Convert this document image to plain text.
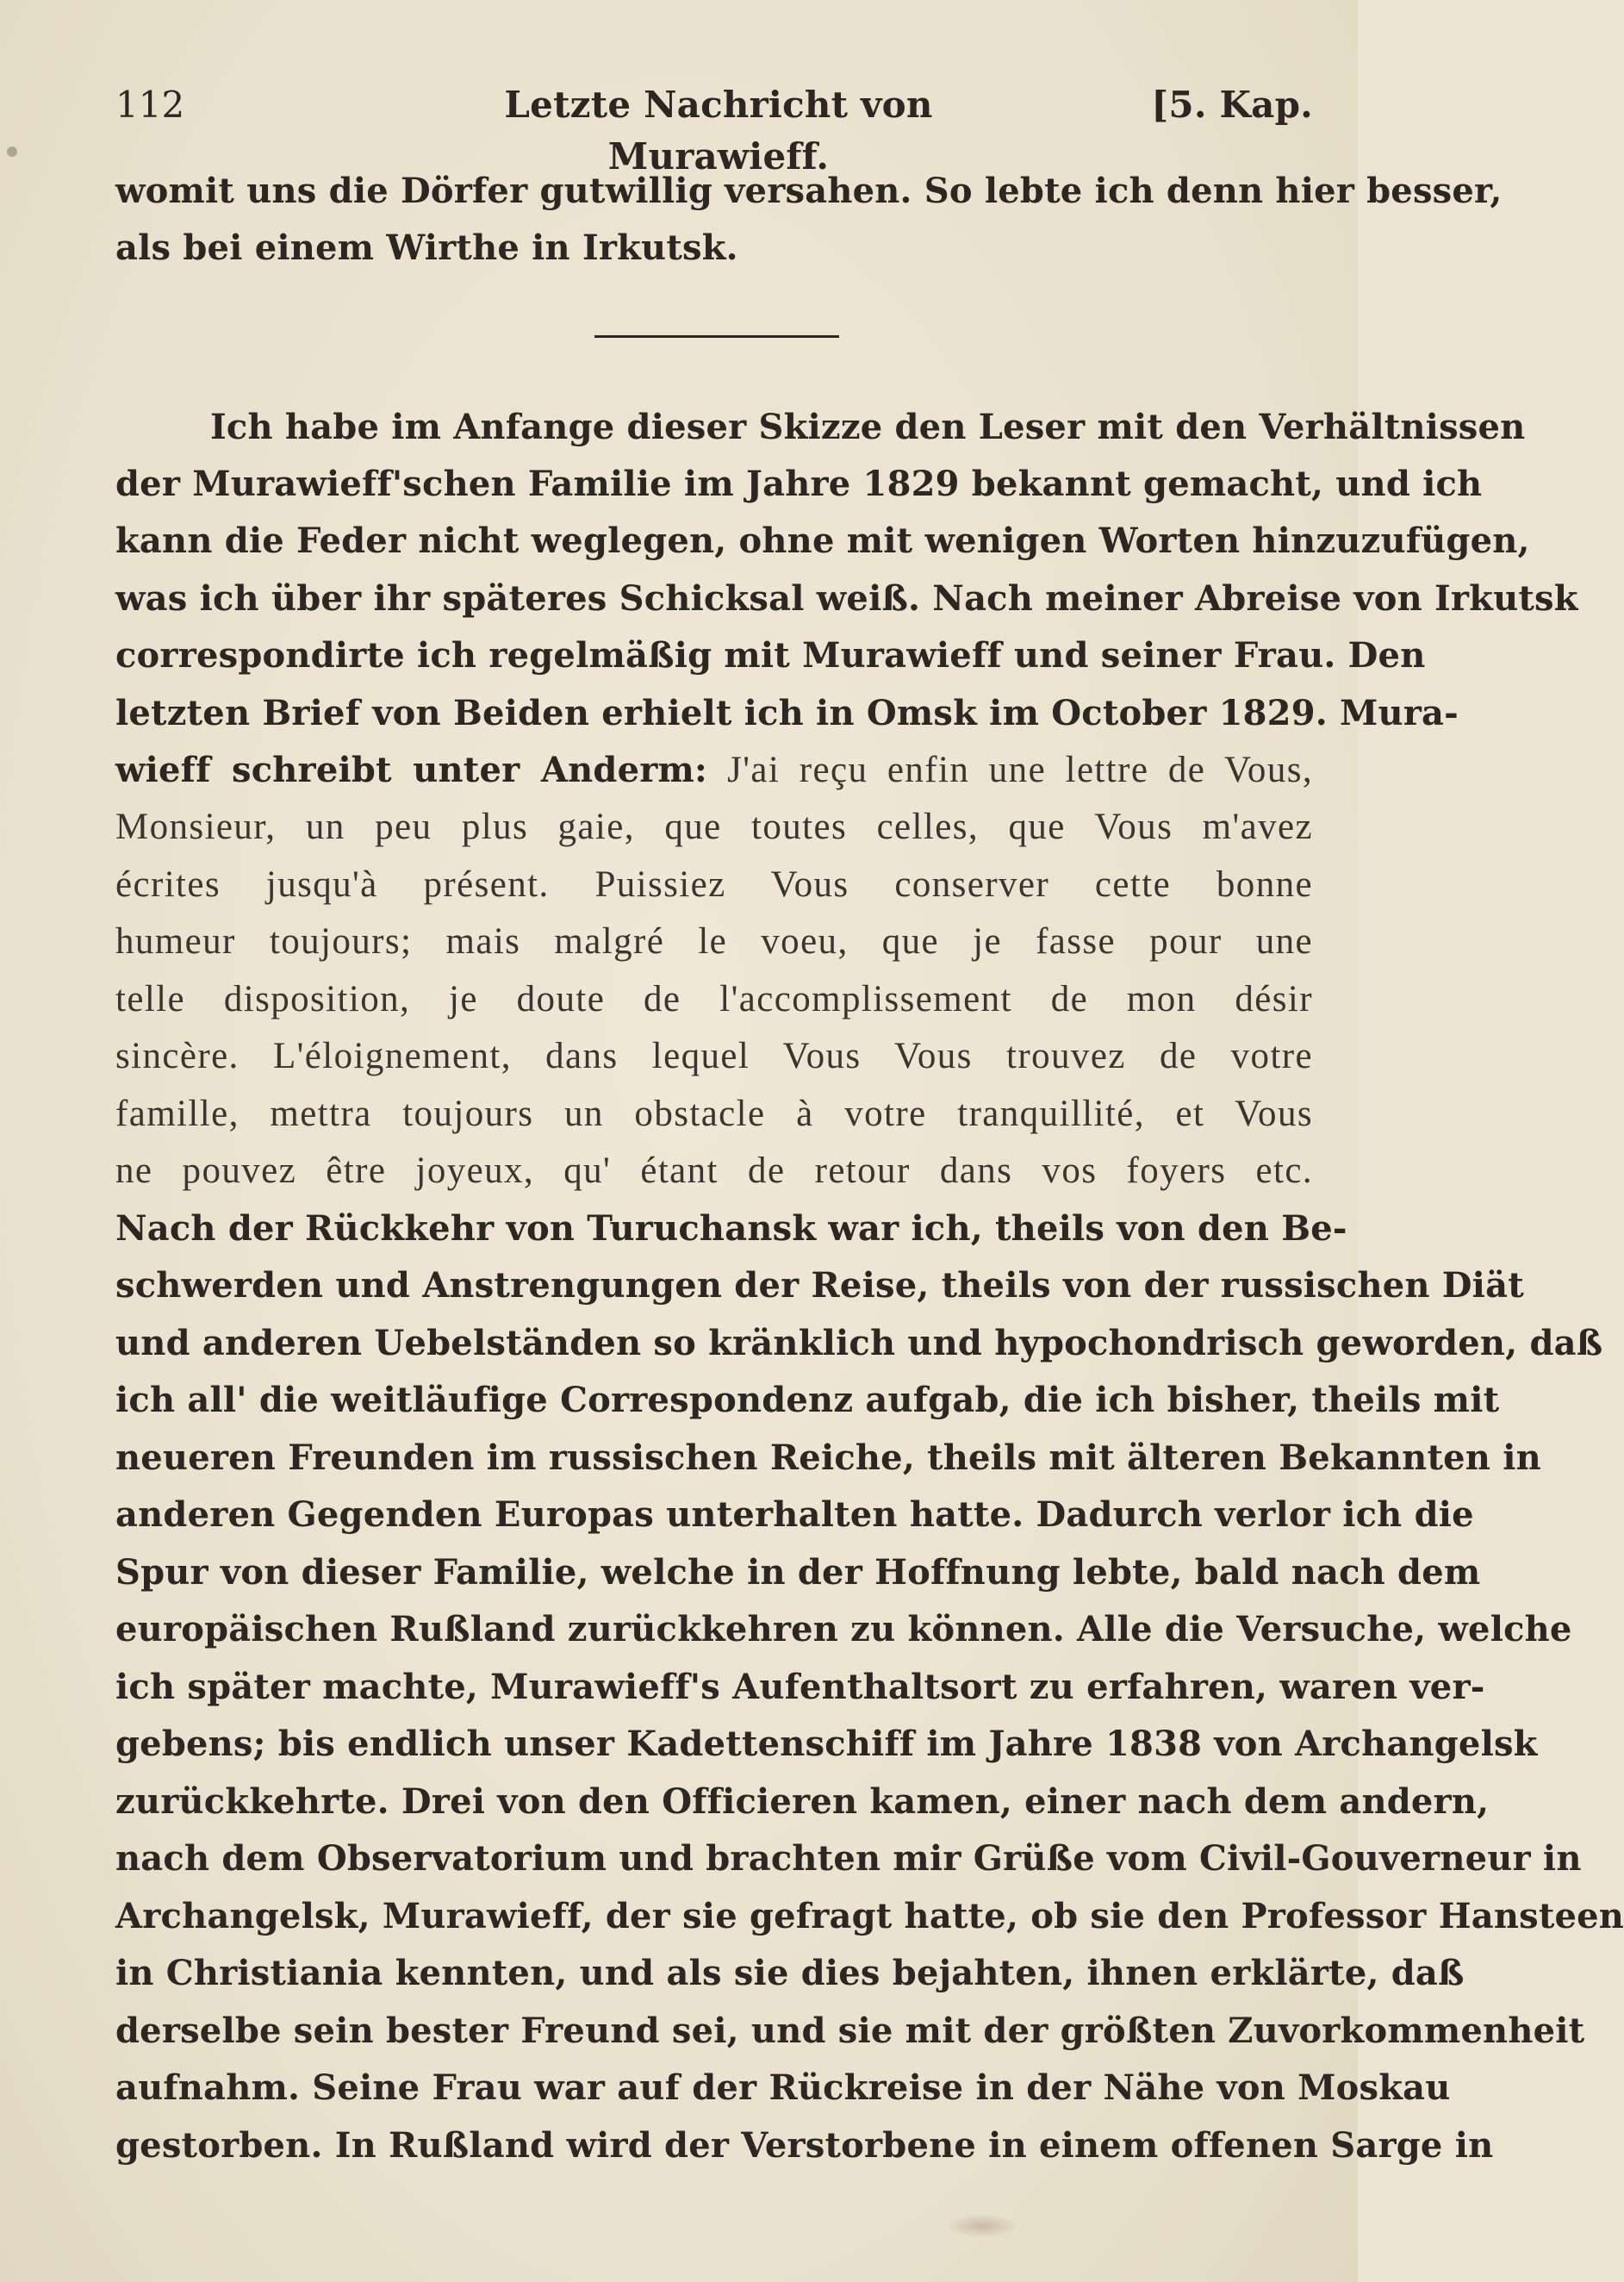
112	Letzte Nachricht von Murawieff.
[5. Kap.
womit uns die Dörfer gutwillig versahen. So lebte ich denn hier besser,
als bei einem Wirthe in Irkutsk.
Ich habe im Anfange dieser Skizze den Leser mit den Verhältnissen
der Murawieff'schen Familie im Jahre 1829 bekannt gemacht, und ich
kann die Feder nicht weglegen, ohne mit wenigen Worten hinzuzufügen,
was ich über ihr späteres Schicksal weiß. Nach meiner Abreise von Irkutsk
correspondirte ich regelmäßig mit Murawieff und seiner Frau. Den
letzten Brief von Beiden erhielt ich in Omsk im October 1829. Mura-
wieff schreibt unter Anderm: J'ai reçu enfin une lettre de Vous,
Monsieur, un peu plus gaie, que toutes celles, que Vous m'avez
écrites jusqu'à présent. Puissiez Vous conserver cette bonne
humeur toujours; mais malgré le voeu, que je fasse pour une
telle disposition, je doute de l'accomplissement de mon désir
sincère. L'éloignement, dans lequel Vous Vous trouvez de votre
famille, mettra toujours un obstacle à votre tranquillité, et Vous
ne pouvez être joyeux, qu' étant de retour dans vos foyers etc.
Nach der Rückkehr von Turuchansk war ich, theils von den Be-
schwerden und Anstrengungen der Reise, theils von der russischen Diät
und anderen Uebelständen so kränklich und hypochondrisch geworden, daß
ich all' die weitläufige Correspondenz aufgab, die ich bisher, theils mit
neueren Freunden im russischen Reiche, theils mit älteren Bekannten in
anderen Gegenden Europas unterhalten hatte. Dadurch verlor ich die
Spur von dieser Familie, welche in der Hoffnung lebte, bald nach dem
europäischen Rußland zurückkehren zu können. Alle die Versuche, welche
ich später machte, Murawieff's Aufenthaltsort zu erfahren, waren ver-
gebens; bis endlich unser Kadettenschiff im Jahre 1838 von Archangelsk
zurückkehrte. Drei von den Officieren kamen, einer nach dem andern,
nach dem Observatorium und brachten mir Grüße vom Civil-Gouverneur in
Archangelsk, Murawieff, der sie gefragt hatte, ob sie den Professor Hansteen
in Christiania kennten, und als sie dies bejahten, ihnen erklärte, daß
derselbe sein bester Freund sei, und sie mit der größten Zuvorkommenheit
aufnahm. Seine Frau war auf der Rückreise in der Nähe von Moskau
gestorben. In Rußland wird der Verstorbene in einem offenen Sarge in
